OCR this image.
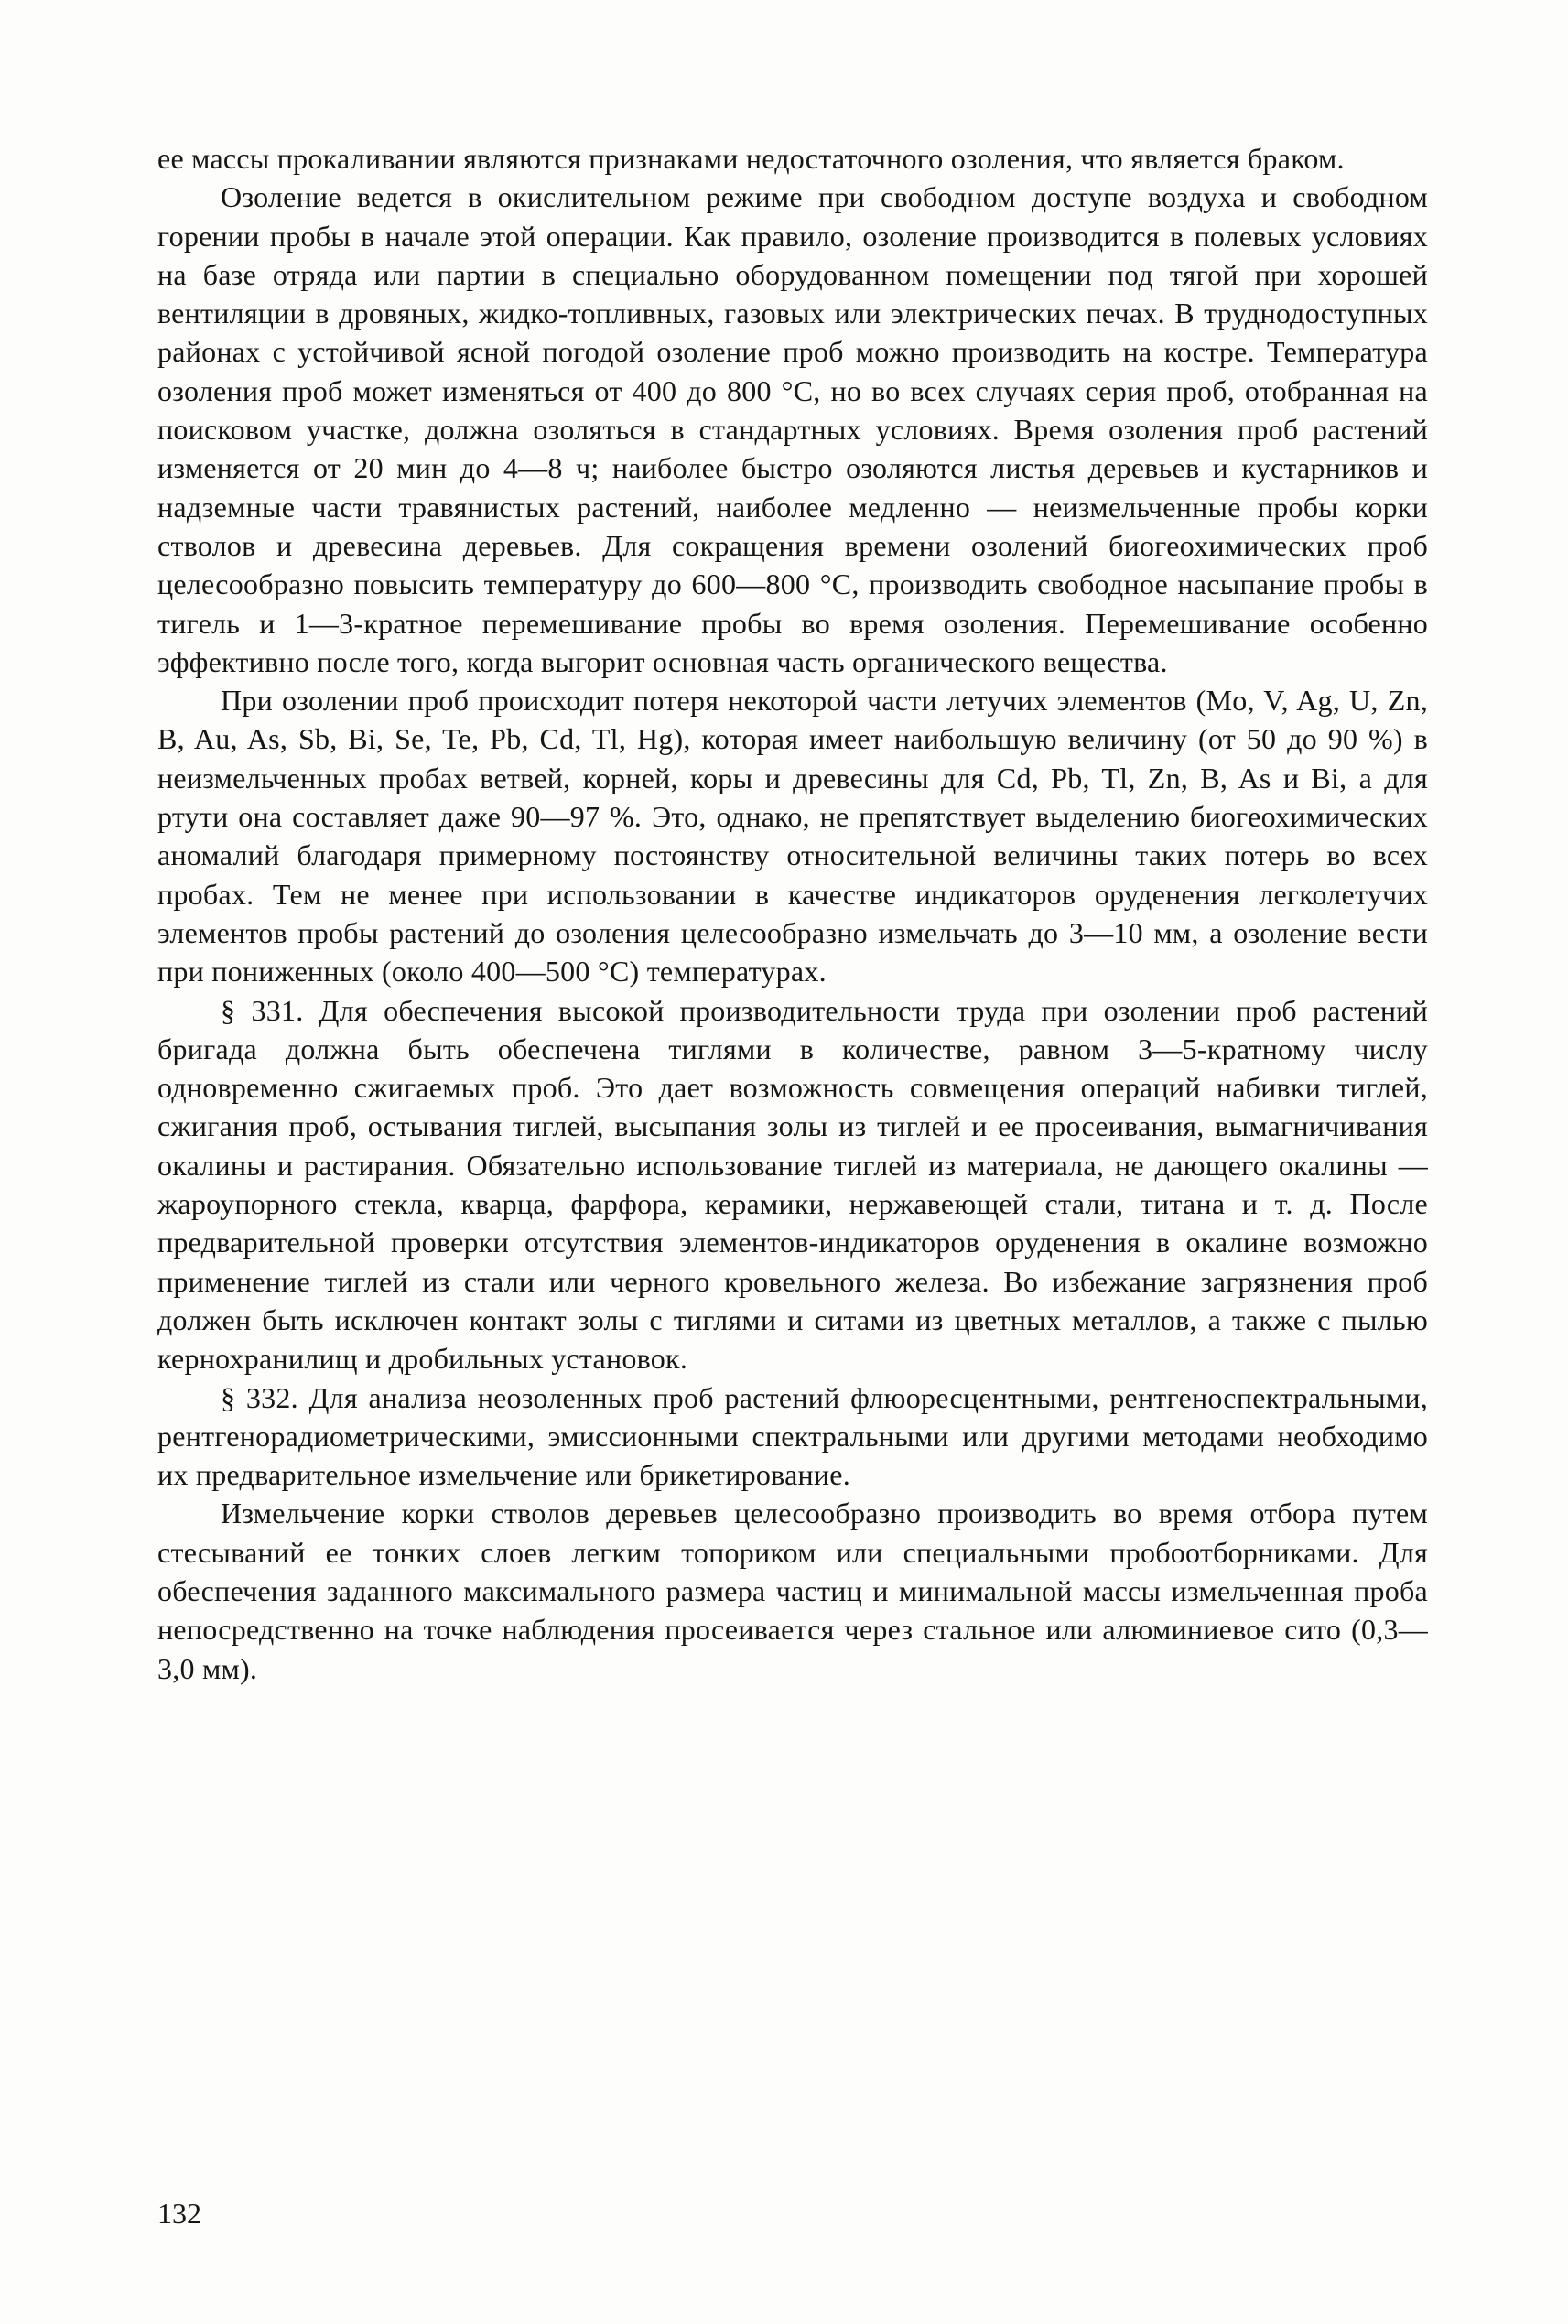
ее массы прокаливании являются признаками недостаточного озоления, что является браком.

Озоление ведется в окислительном режиме при свободном доступе воздуха и свободном горении пробы в начале этой операции. Как правило, озоление производится в полевых условиях на базе отряда или партии в специально оборудованном помещении под тягой при хорошей вентиляции в дровяных, жидко-топливных, газовых или электрических печах. В труднодоступных районах с устойчивой ясной погодой озоление проб можно производить на костре. Температура озоления проб может изменяться от 400 до 800 °С, но во всех случаях серия проб, отобранная на поисковом участке, должна озоляться в стандартных условиях. Время озоления проб растений изменяется от 20 мин до 4—8 ч; наиболее быстро озоляются листья деревьев и кустарников и надземные части травянистых растений, наиболее медленно — неизмельченные пробы корки стволов и древесина деревьев. Для сокращения времени озолений биогеохимических проб целесообразно повысить температуру до 600—800 °С, производить свободное насыпание пробы в тигель и 1—3-кратное перемешивание пробы во время озоления. Перемешивание особенно эффективно после того, когда выгорит основная часть органического вещества.

При озолении проб происходит потеря некоторой части летучих элементов (Mo, V, Ag, U, Zn, B, Au, As, Sb, Bi, Se, Te, Pb, Cd, Tl, Hg), которая имеет наибольшую величину (от 50 до 90 %) в неизмельченных пробах ветвей, корней, коры и древесины для Cd, Pb, Tl, Zn, B, As и Bi, а для ртути она составляет даже 90—97 %. Это, однако, не препятствует выделению биогеохимических аномалий благодаря примерному постоянству относительной величины таких потерь во всех пробах. Тем не менее при использовании в качестве индикаторов оруденения легколетучих элементов пробы растений до озоления целесообразно измельчать до 3—10 мм, а озоление вести при пониженных (около 400—500 °С) температурах.

§ 331. Для обеспечения высокой производительности труда при озолении проб растений бригада должна быть обеспечена тиглями в количестве, равном 3—5-кратному числу одновременно сжигаемых проб. Это дает возможность совмещения операций набивки тиглей, сжигания проб, остывания тиглей, высыпания золы из тиглей и ее просеивания, вымагничивания окалины и растирания. Обязательно использование тиглей из материала, не дающего окалины — жароупорного стекла, кварца, фарфора, керамики, нержавеющей стали, титана и т. д. После предварительной проверки отсутствия элементов-индикаторов оруденения в окалине возможно применение тиглей из стали или черного кровельного железа. Во избежание загрязнения проб должен быть исключен контакт золы с тиглями и ситами из цветных металлов, а также с пылью кернохранилищ и дробильных установок.

§ 332. Для анализа неозоленных проб растений флюоресцентными, рентгеноспектральными, рентгенорадиометрическими, эмиссионными спектральными или другими методами необходимо их предварительное измельчение или брикетирование.

Измельчение корки стволов деревьев целесообразно производить во время отбора путем стесываний ее тонких слоев легким топориком или специальными пробоотборниками. Для обеспечения заданного максимального размера частиц и минимальной массы измельченная проба непосредственно на точке наблюдения просеивается через стальное или алюминиевое сито (0,3—3,0 мм).

132
